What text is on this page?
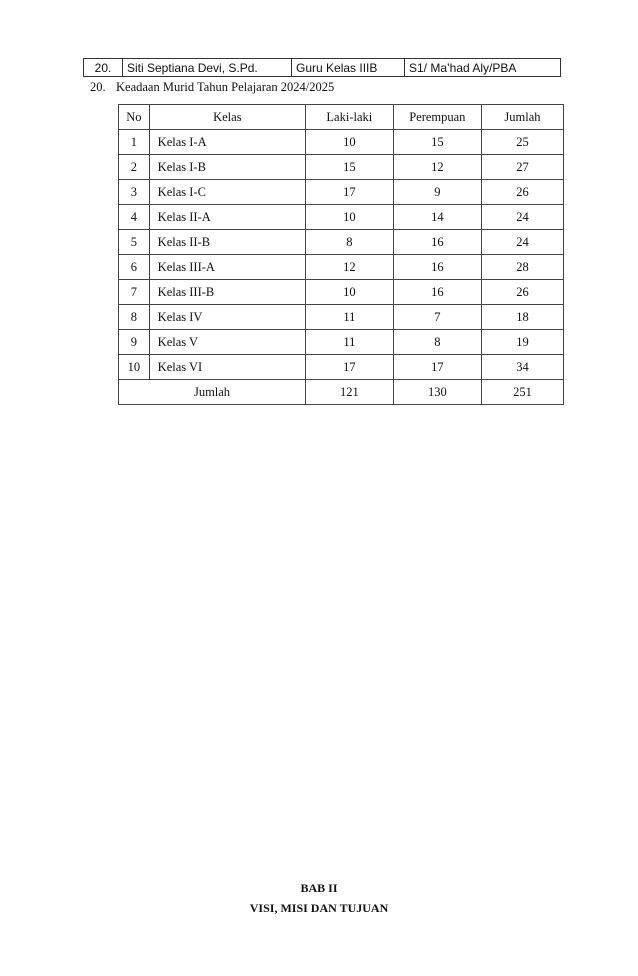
20.	Siti Septiana Devi, S.Pd.	Guru Kelas IIIB	S1/ Ma’had Aly/PBA
20. Keadaan Murid Tahun Pelajaran 2024/2025
No	Kelas	Laki-laki	Perempuan	Jumlah
1	Kelas I-A	10	15	25
2	Kelas I-B	15	12	27
3	Kelas I-C	17	9	26
4	Kelas II-A	10	14	24
5	Kelas II-B	8	16	24
6	Kelas III-A	12	16	28
7	Kelas III-B	10	16	26
8	Kelas IV	11	7	18
9	Kelas V	11	8	19
10	Kelas VI	17	17	34
Jumlah		121	130	251
BAB II
VISI, MISI DAN TUJUAN
